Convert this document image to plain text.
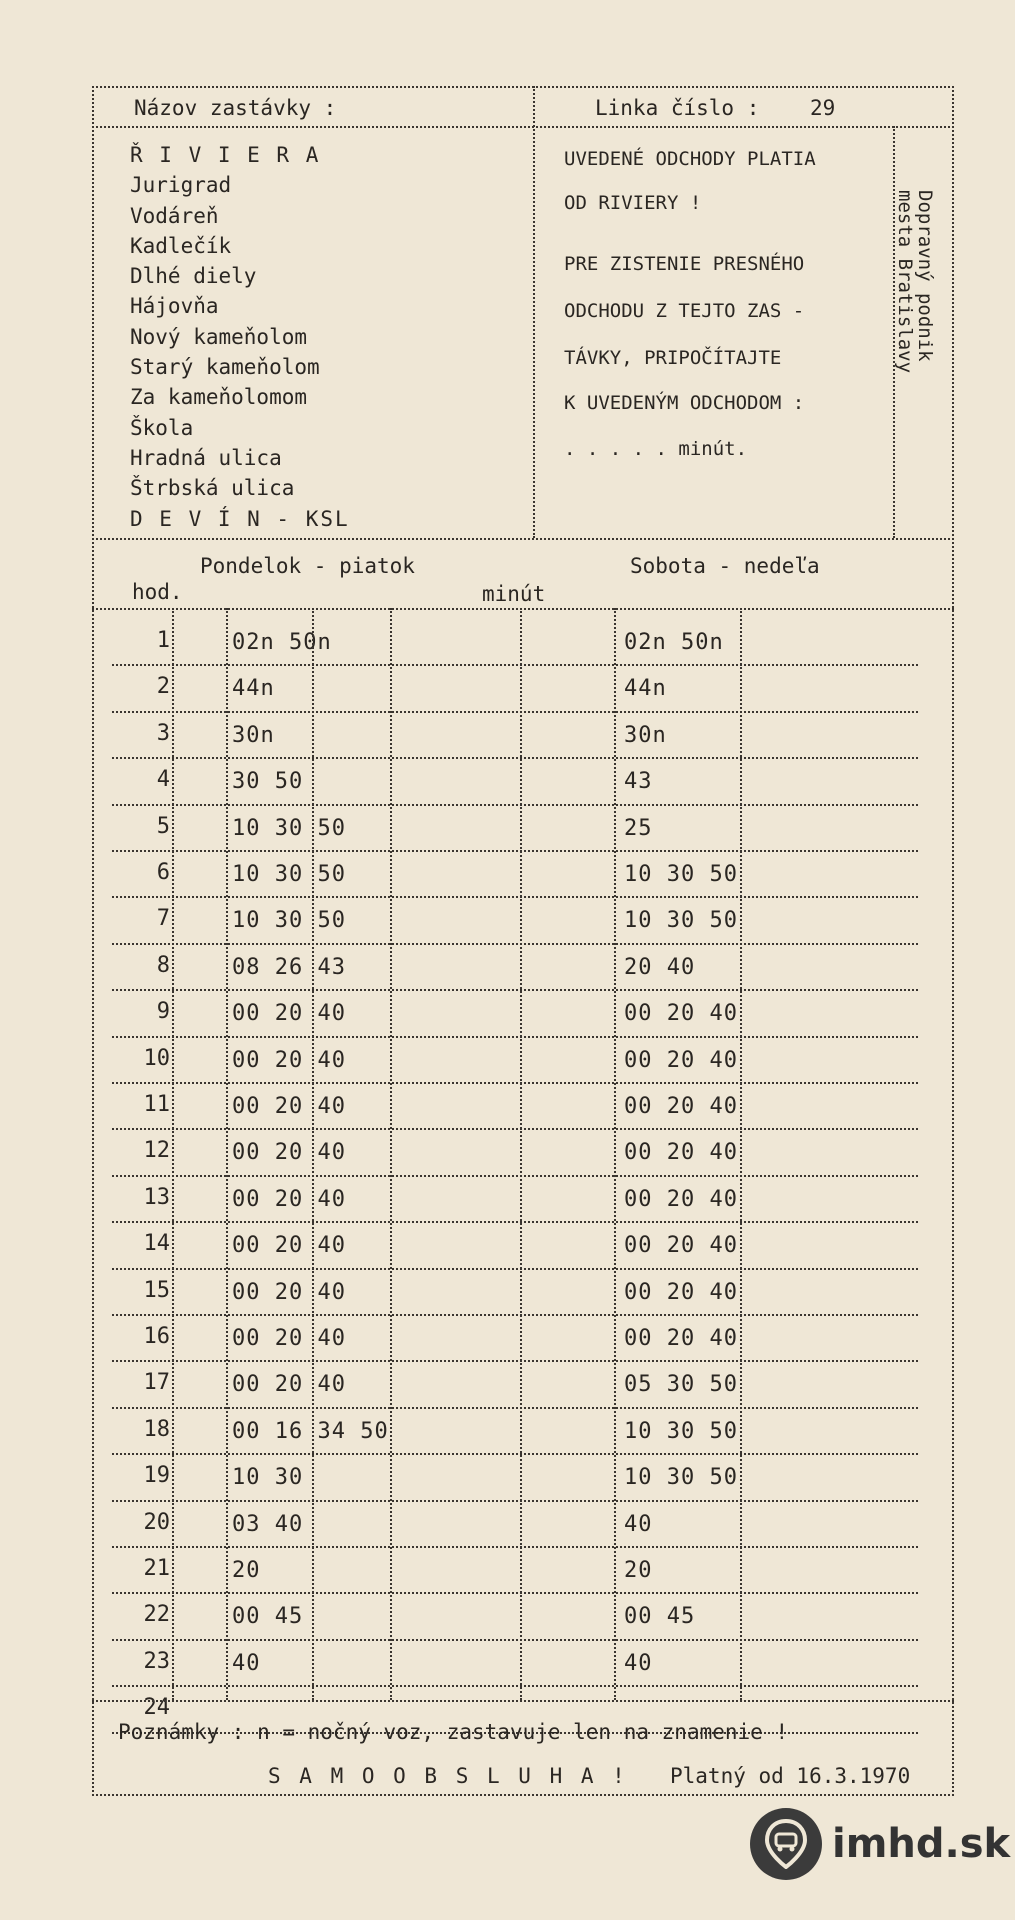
Názov zastávky :	Linka číslo : 29
Ř I V I E R A
Jurigrad
Vodáreň
Kadlečík
Dlhé diely
Hájovňa
Nový kameňolom
Starý kameňolom
Za kameňolomom
Škola
Hradná ulica
Štrbská ulica
D E V Í N - KSL
UVEDENÉ ODCHODY PLATIA
OD RIVIERY !
PRE ZISTENIE PRESNÉHO
ODCHODU Z TEJTO ZAS -
TÁVKY, PRIPOČÍTAJTE
K UVEDENÝM ODCHODOM :
. . . . . minút.
Dopravný podnik
mesta Bratislavy
Pondelok - piatok	Sobota - nedeľa
hod.	minút
1	02n 50n	02n 50n
2	44n	44n
3	30n	30n
4	30 50	43
5	10 30 50	25
6	10 30 50	10 30 50
7	10 30 50	10 30 50
8	08 26 43	20 40
9	00 20 40	00 20 40
10	00 20 40	00 20 40
11	00 20 40	00 20 40
12	00 20 40	00 20 40
13	00 20 40	00 20 40
14	00 20 40	00 20 40
15	00 20 40	00 20 40
16	00 20 40	00 20 40
17	00 20 40	05 30 50
18	00 16 34 50	10 30 50
19	10 30	10 30 50
20	03 40	40
21	20	20
22	00 45	00 45
23	40	40
24
Poznámky : n = nočný voz, zastavuje len na znamenie !
S A M O O B S L U H A ! Platný od 16.3.1970
imhd.sk
